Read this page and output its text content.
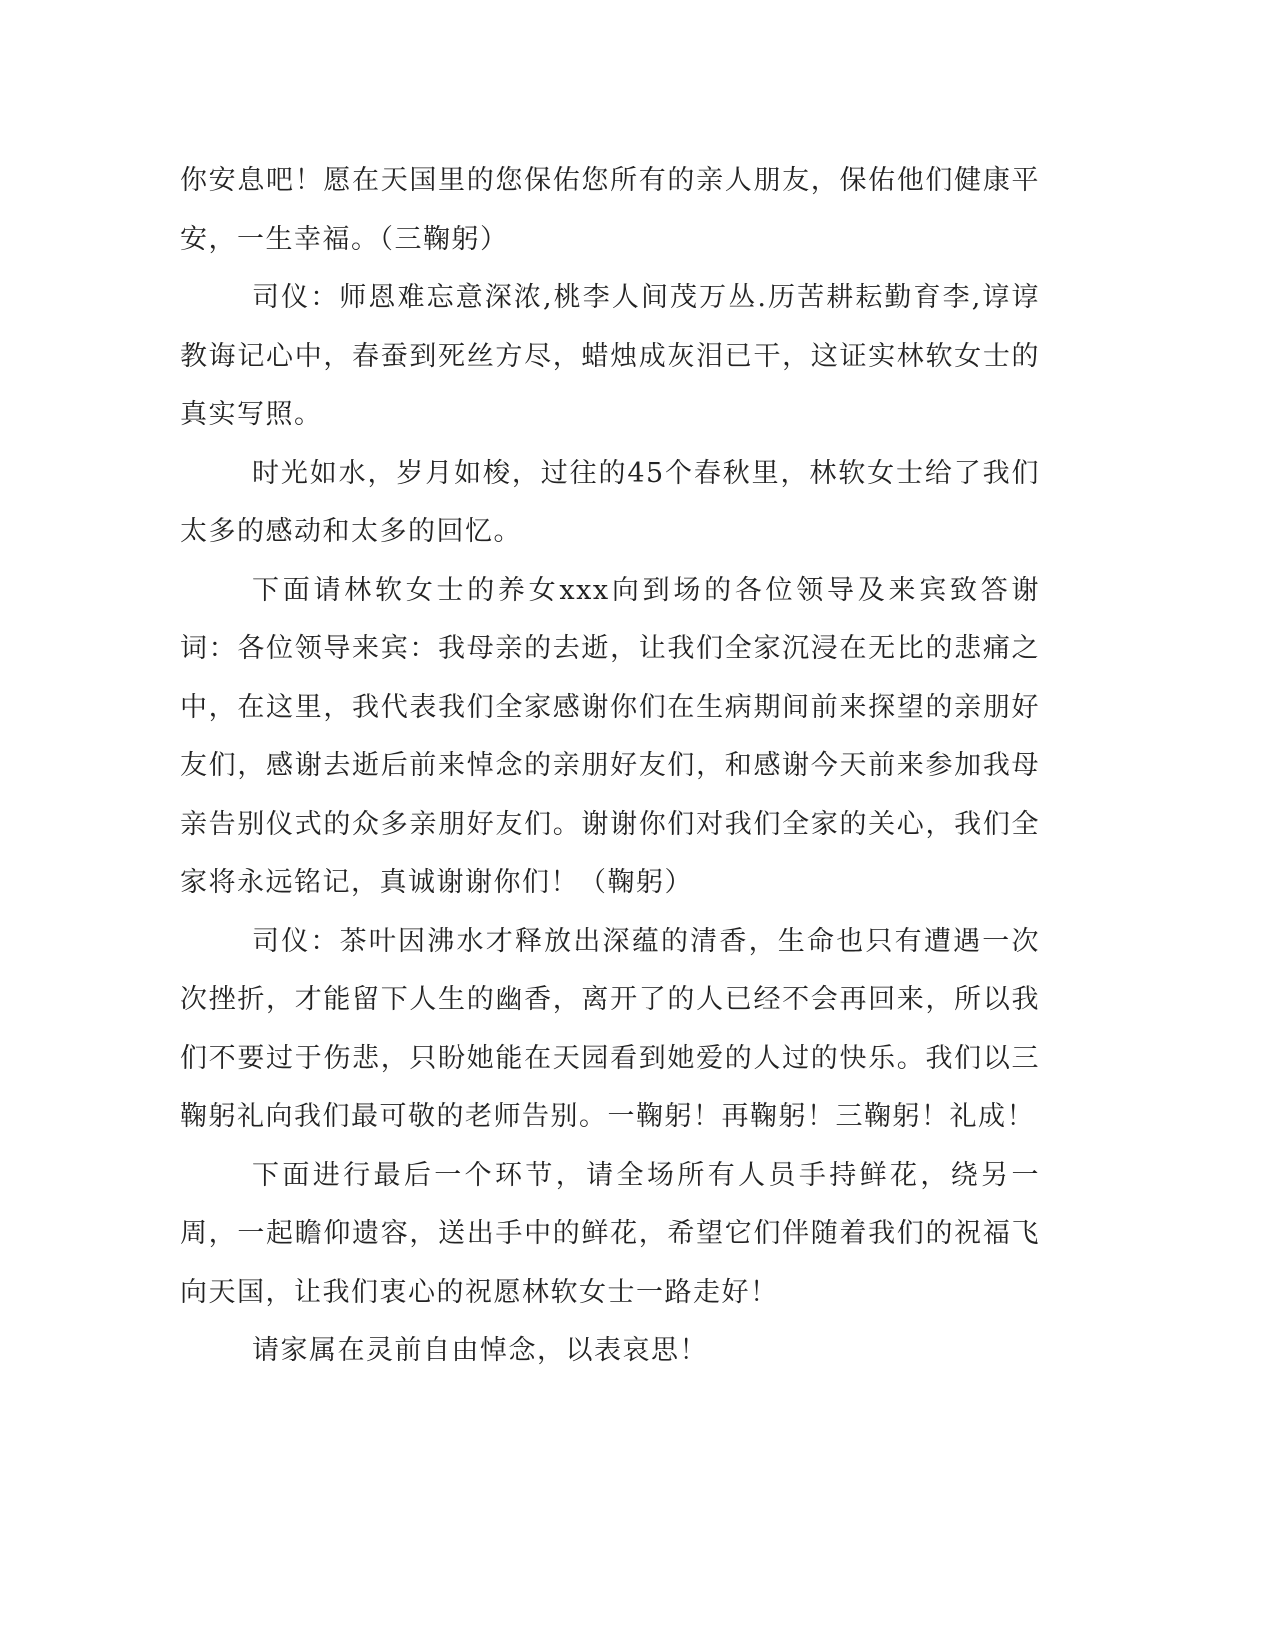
你安息吧！愿在天国里的您保佑您所有的亲人朋友，保佑他们健康平安，一生幸福。（三鞠躬）

司仪：师恩难忘意深浓,桃李人间茂万丛.历苦耕耘勤育李,谆谆教诲记心中，春蚕到死丝方尽，蜡烛成灰泪已干，这证实林软女士的真实写照。

时光如水，岁月如梭，过往的45个春秋里，林软女士给了我们太多的感动和太多的回忆。

下面请林软女士的养女xxx向到场的各位领导及来宾致答谢词：各位领导来宾：我母亲的去逝，让我们全家沉浸在无比的悲痛之中，在这里，我代表我们全家感谢你们在生病期间前来探望的亲朋好友们，感谢去逝后前来悼念的亲朋好友们，和感谢今天前来参加我母亲告别仪式的众多亲朋好友们。谢谢你们对我们全家的关心，我们全家将永远铭记，真诚谢谢你们！（鞠躬）

司仪：茶叶因沸水才释放出深蕴的清香，生命也只有遭遇一次次挫折，才能留下人生的幽香，离开了的人已经不会再回来，所以我们不要过于伤悲，只盼她能在天园看到她爱的人过的快乐。我们以三鞠躬礼向我们最可敬的老师告别。一鞠躬！再鞠躬！三鞠躬！礼成！

下面进行最后一个环节，请全场所有人员手持鲜花，绕另一周，一起瞻仰遗容，送出手中的鲜花，希望它们伴随着我们的祝福飞向天国，让我们衷心的祝愿林软女士一路走好！

请家属在灵前自由悼念，以表哀思！
